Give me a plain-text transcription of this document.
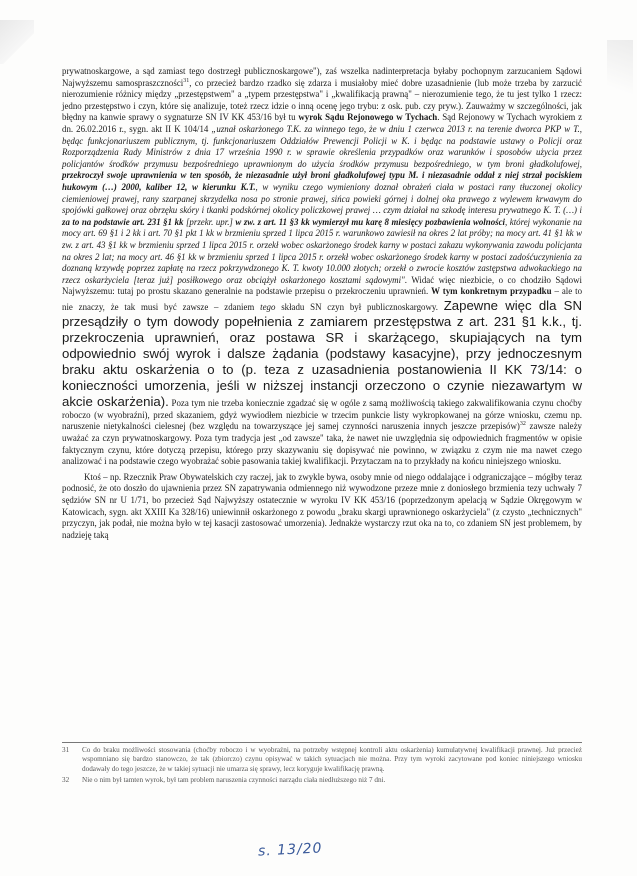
prywatnoskargowe, a sąd zamiast tego dostrzegł publicznoskargowe"), zaś wszelka nadinterpretacja byłaby pochopnym zarzucaniem Sądowi Najwyższemu samospraszczności$^{31}$, co przecież bardzo rzadko się zdarza i musiałoby mieć dobre uzasadnienie (lub może trzeba by zarzucić nierozumienie różnicy między „przestępstwem" a „typem przestępstwa" i „kwalifikacją prawną" – nierozumienie tego, że tu jest tylko 1 rzecz: jedno przestępstwo i czyn, które się analizuje, toteż rzecz idzie o inną ocenę jego trybu: z osk. pub. czy pryw.). Zauważmy w szczególności, jak błędny na kanwie sprawy o sygnaturze SN IV KK 453/16 był tu wyrok Sądu Rejonowego w Tychach. Sąd Rejonowy w Tychach wyrokiem z dn. 26.02.2016 r., sygn. akt II K 104/14 „uznał oskarżonego T.K. za winnego tego, że w dniu 1 czerwca 2013 r. na terenie dworca PKP w T., będąc funkcjonariuszem publicznym, tj. funkcjonariuszem Oddziałów Prewencji Policji w K. i będąc na podstawie ustawy o Policji oraz Rozporządzenia Rady Ministrów z dnia 17 września 1990 r. w sprawie określenia przypadków oraz warunków i sposobów użycia przez policjantów środków przymusu bezpośredniego uprawnionym do użycia środków przymusu bezpośredniego, w tym broni gładkolufowej, przekroczył swoje uprawnienia w ten sposób, że niezasadnie użył broni gładkolufowej typu M. i niezasadnie oddał z niej strzał pociskiem hukowym (…) 2000, kaliber 12, w kierunku K.T., w wyniku czego wymieniony doznał obrażeń ciała w postaci rany tłuczonej okolicy ciemieniowej prawej, rany szarpanej skrzydełka nosa po stronie prawej, sińca powieki górnej i dolnej oka prawego z wylewem krwawym do spojówki gałkowej oraz obrzęku skóry i tkanki podskórnej okolicy policzkowej prawej … czym działał na szkodę interesu prywatnego K. T. (…) i za to na podstawie art. 231 §1 kk [przekr. upr.] w zw. z art. 11 §3 kk wymierzył mu karę 8 miesięcy pozbawienia wolności, której wykonanie na mocy art. 69 §1 i 2 kk i art. 70 §1 pkt 1 kk w brzmieniu sprzed 1 lipca 2015 r. warunkowo zawiesił na okres 2 lat próby; na mocy art. 41 §1 kk w zw. z art. 43 §1 kk w brzmieniu sprzed 1 lipca 2015 r. orzekł wobec oskarżonego środek karny w postaci zakazu wykonywania zawodu policjanta na okres 2 lat; na mocy art. 46 §1 kk w brzmieniu sprzed 1 lipca 2015 r. orzekł wobec oskarżonego środek karny w postaci zadośćuczynienia za doznaną krzywdę poprzez zapłatę na rzecz pokrzywdzonego K. T. kwoty 10.000 złotych; orzekł o zwrocie kosztów zastępstwa adwokackiego na rzecz oskarżyciela [teraz już] posiłkowego oraz obciążył oskarżonego kosztami sądowymi". Widać więc niezbicie, o co chodziło Sądowi Najwyższemu: tutaj po prostu skazano generalnie na podstawie przepisu o przekroczeniu uprawnień. W tym konkretnym przypadku – ale to nie znaczy, że tak musi być zawsze – zdaniem tego składu SN czyn był publicznoskargowy. Zapewne więc dla SN przesądziły o tym dowody popełnienia z zamiarem przestępstwa z art. 231 §1 k.k., tj. przekroczenia uprawnień, oraz postawa SR i skarżącego, skupiających na tym odpowiednio swój wyrok i dalsze żądania (podstawy kasacyjne), przy jednoczesnym braku aktu oskarżenia o to (p. teza z uzasadnienia postanowienia II KK 73/14: o konieczności umorzenia, jeśli w niższej instancji orzeczono o czynie niezawartym w akcie oskarżenia). Poza tym nie trzeba koniecznie zgadzać się w ogóle z samą możliwością takiego zakwalifikowania czynu choćby roboczo (w wyobraźni), przed skazaniem, gdyż wywiodłem niezbicie w trzecim punkcie listy wykropkowanej na górze wniosku, czemu np. naruszenie nietykalności cielesnej (bez względu na towarzyszące jej samej czynności naruszenia innych jeszcze przepisów)$^{32}$ zawsze należy uważać za czyn prywatnoskargowy. Poza tym tradycja jest „od zawsze" taka, że nawet nie uwzględnia się odpowiednich fragmentów w opisie faktycznym czynu, które dotyczą przepisu, którego przy skazywaniu się dopisywać nie powinno, w związku z czym nie ma nawet czego analizować i na podstawie czego wyobrażać sobie pasowania takiej kwalifikacji. Przytaczam na to przykłady na końcu niniejszego wniosku.

Ktoś – np. Rzecznik Praw Obywatelskich czy raczej, jak to zwykle bywa, osoby mnie od niego oddalające i odgraniczające – mógłby teraz podnosić, że oto doszło do ujawnienia przez SN zapatrywania odmiennego niż wywodzone przeze mnie z doniosłego brzmienia tezy uchwały 7 sędziów SN nr U 1/71, bo przecież Sąd Najwyższy ostatecznie w wyroku IV KK 453/16 (poprzedzonym apelacją w Sądzie Okręgowym w Katowicach, sygn. akt XXIII Ka 328/16) uniewinnił oskarżonego z powodu „braku skargi uprawnionego oskarżyciela" (z czysto „technicznych" przyczyn, jak podał, nie można było w tej kasacji zastosować umorzenia). Jednakże wystarczy rzut oka na to, co zdaniem SN jest problemem, by nadzieję taką

31	Co do braku możliwości stosowania (choćby roboczo i w wyobraźni, na potrzeby wstępnej kontroli aktu oskarżenia) kumulatywnej kwalifikacji prawnej. Już przecież wspomniano się bardzo stanowczo, że tak (zbiorczo) czynu opisywać w takich sytuacjach nie można. Przy tym wyroki zacytowane pod koniec niniejszego wniosku dodawały do tego jeszcze, że w takiej sytuacji nie umarza się sprawy, lecz koryguje kwalifikację prawną.
32	Nie o nim był tamten wyrok, był tam problem naruszenia czynności narządu ciała niedłuższego niż 7 dni.
s. 13/20
